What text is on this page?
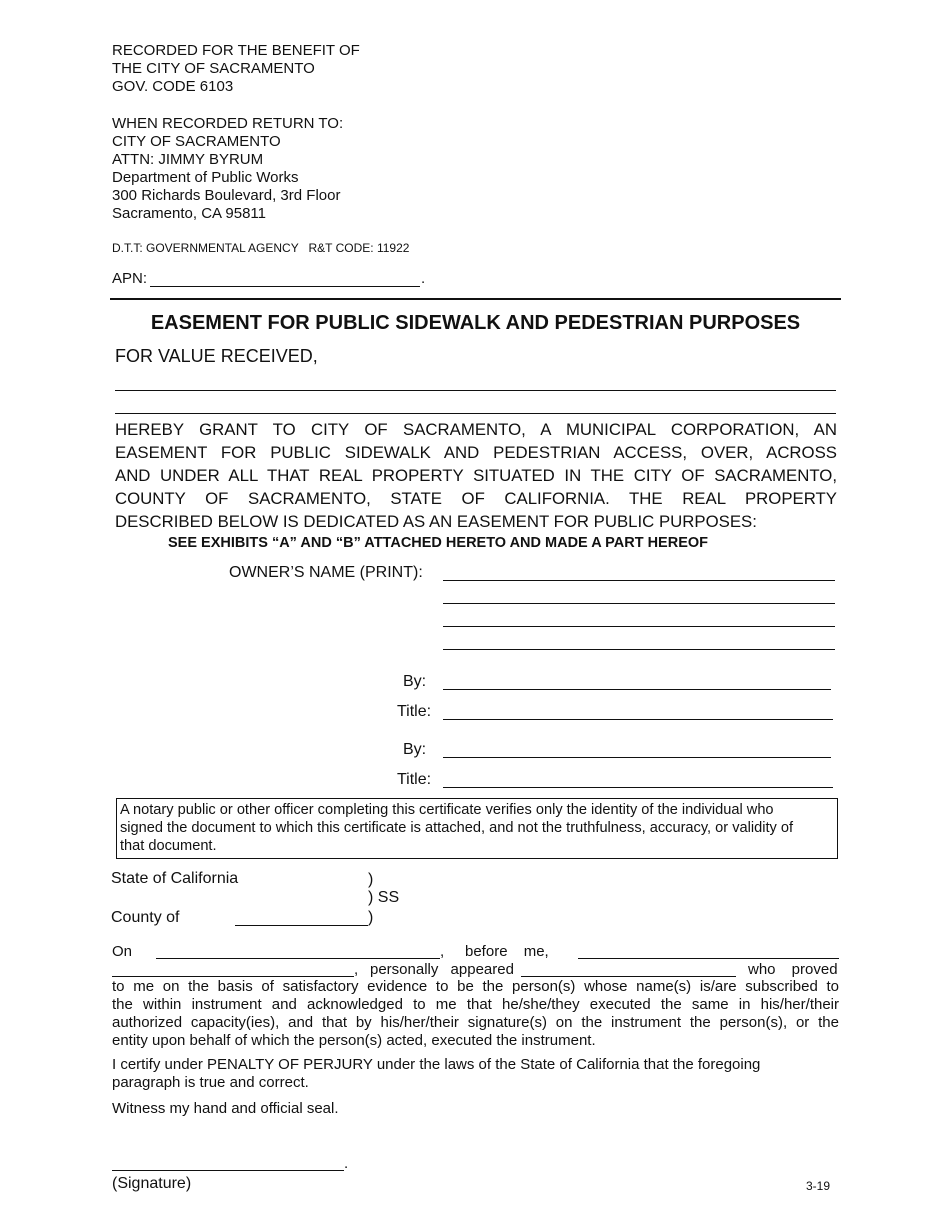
RECORDED FOR THE BENEFIT OF
THE CITY OF SACRAMENTO
GOV. CODE 6103
WHEN RECORDED RETURN TO:
CITY OF SACRAMENTO
ATTN: JIMMY BYRUM
Department of Public Works
300 Richards Boulevard, 3rd Floor
Sacramento, CA 95811
D.T.T: GOVERNMENTAL AGENCY   R&T CODE: 11922
APN:	.
EASEMENT FOR PUBLIC SIDEWALK AND PEDESTRIAN PURPOSES
FOR VALUE RECEIVED,
HEREBY GRANT TO CITY OF SACRAMENTO, A MUNICIPAL CORPORATION, AN
EASEMENT FOR PUBLIC SIDEWALK AND PEDESTRIAN ACCESS, OVER, ACROSS
AND UNDER ALL THAT REAL PROPERTY SITUATED IN THE CITY OF SACRAMENTO,
COUNTY OF SACRAMENTO, STATE OF CALIFORNIA. THE REAL PROPERTY
DESCRIBED BELOW IS DEDICATED AS AN EASEMENT FOR PUBLIC PURPOSES:
SEE EXHIBITS “A” AND “B” ATTACHED HERETO AND MADE A PART HEREOF
OWNER’S NAME (PRINT):
By:
Title:
By:
Title:
A notary public or other officer completing this certificate verifies only the identity of the individual who
signed the document to which this certificate is attached, and not the truthfulness, accuracy, or validity of
that document.
State of California	)
) SS
County of	)
On	, before me,
, personally appeared	who proved
to me on the basis of satisfactory evidence to be the person(s) whose name(s) is/are subscribed to
the within instrument and acknowledged to me that he/she/they executed the same in his/her/their
authorized capacity(ies), and that by his/her/their signature(s) on the instrument the person(s), or the
entity upon behalf of which the person(s) acted, executed the instrument.
I certify under PENALTY OF PERJURY under the laws of the State of California that the foregoing
paragraph is true and correct.
Witness my hand and official seal.
.
(Signature)	3-19
